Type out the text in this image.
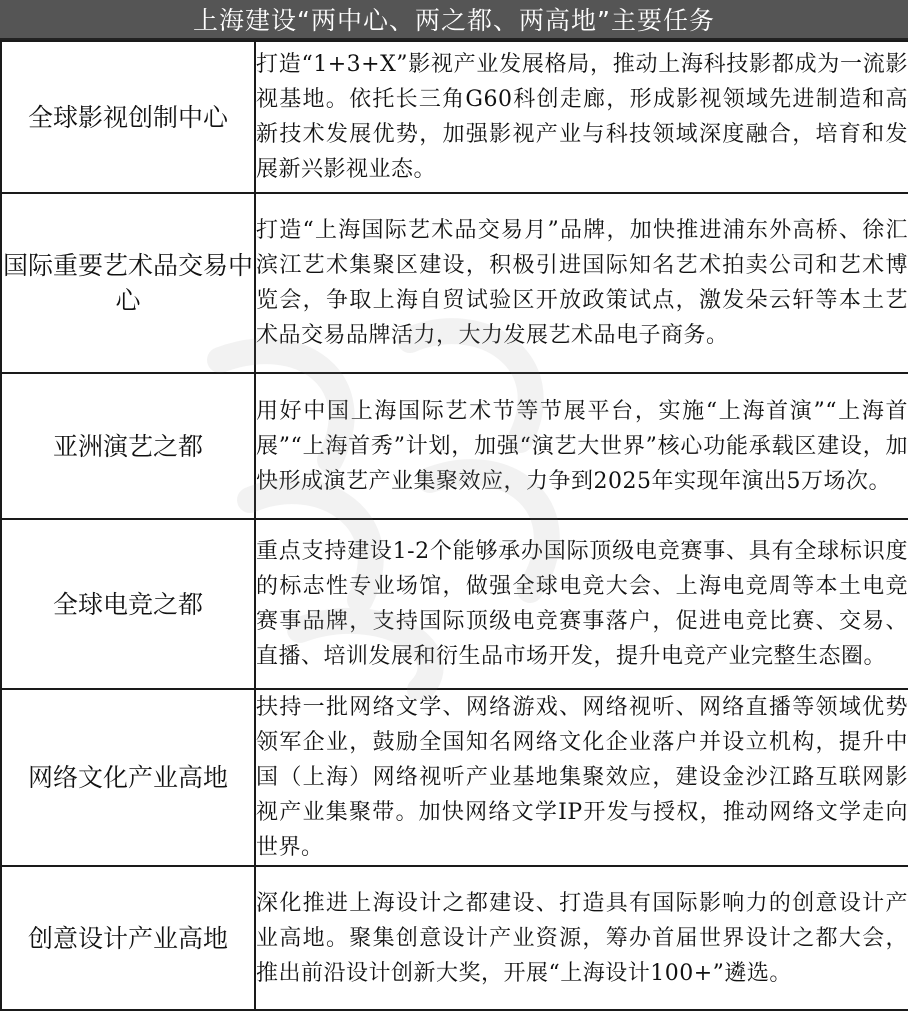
上海建设“两中心、两之都、两高地”主要任务
全球影视创制中心	打造“1+3+X”影视产业发展格局，推动上海科技影都成为一流影视基地。依托长三角G60科创走廊，形成影视领域先进制造和高新技术发展优势，加强影视产业与科技领域深度融合，培育和发展新兴影视业态。
国际重要艺术品交易中心	打造“上海国际艺术品交易月”品牌，加快推进浦东外高桥、徐汇滨江艺术集聚区建设，积极引进国际知名艺术拍卖公司和艺术博览会，争取上海自贸试验区开放政策试点，激发朵云轩等本土艺术品交易品牌活力，大力发展艺术品电子商务。
亚洲演艺之都	用好中国上海国际艺术节等节展平台，实施“上海首演”“上海首展”“上海首秀”计划，加强“演艺大世界”核心功能承载区建设，加快形成演艺产业集聚效应，力争到2025年实现年演出5万场次。
全球电竞之都	重点支持建设1-2个能够承办国际顶级电竞赛事、具有全球标识度的标志性专业场馆，做强全球电竞大会、上海电竞周等本土电竞赛事品牌，支持国际顶级电竞赛事落户，促进电竞比赛、交易、直播、培训发展和衍生品市场开发，提升电竞产业完整生态圈。
网络文化产业高地	扶持一批网络文学、网络游戏、网络视听、网络直播等领域优势领军企业，鼓励全国知名网络文化企业落户并设立机构，提升中国（上海）网络视听产业基地集聚效应，建设金沙江路互联网影视产业集聚带。加快网络文学IP开发与授权，推动网络文学走向世界。
创意设计产业高地	深化推进上海设计之都建设、打造具有国际影响力的创意设计产业高地。聚集创意设计产业资源，筹办首届世界设计之都大会，推出前沿设计创新大奖，开展“上海设计100+”遴选。
